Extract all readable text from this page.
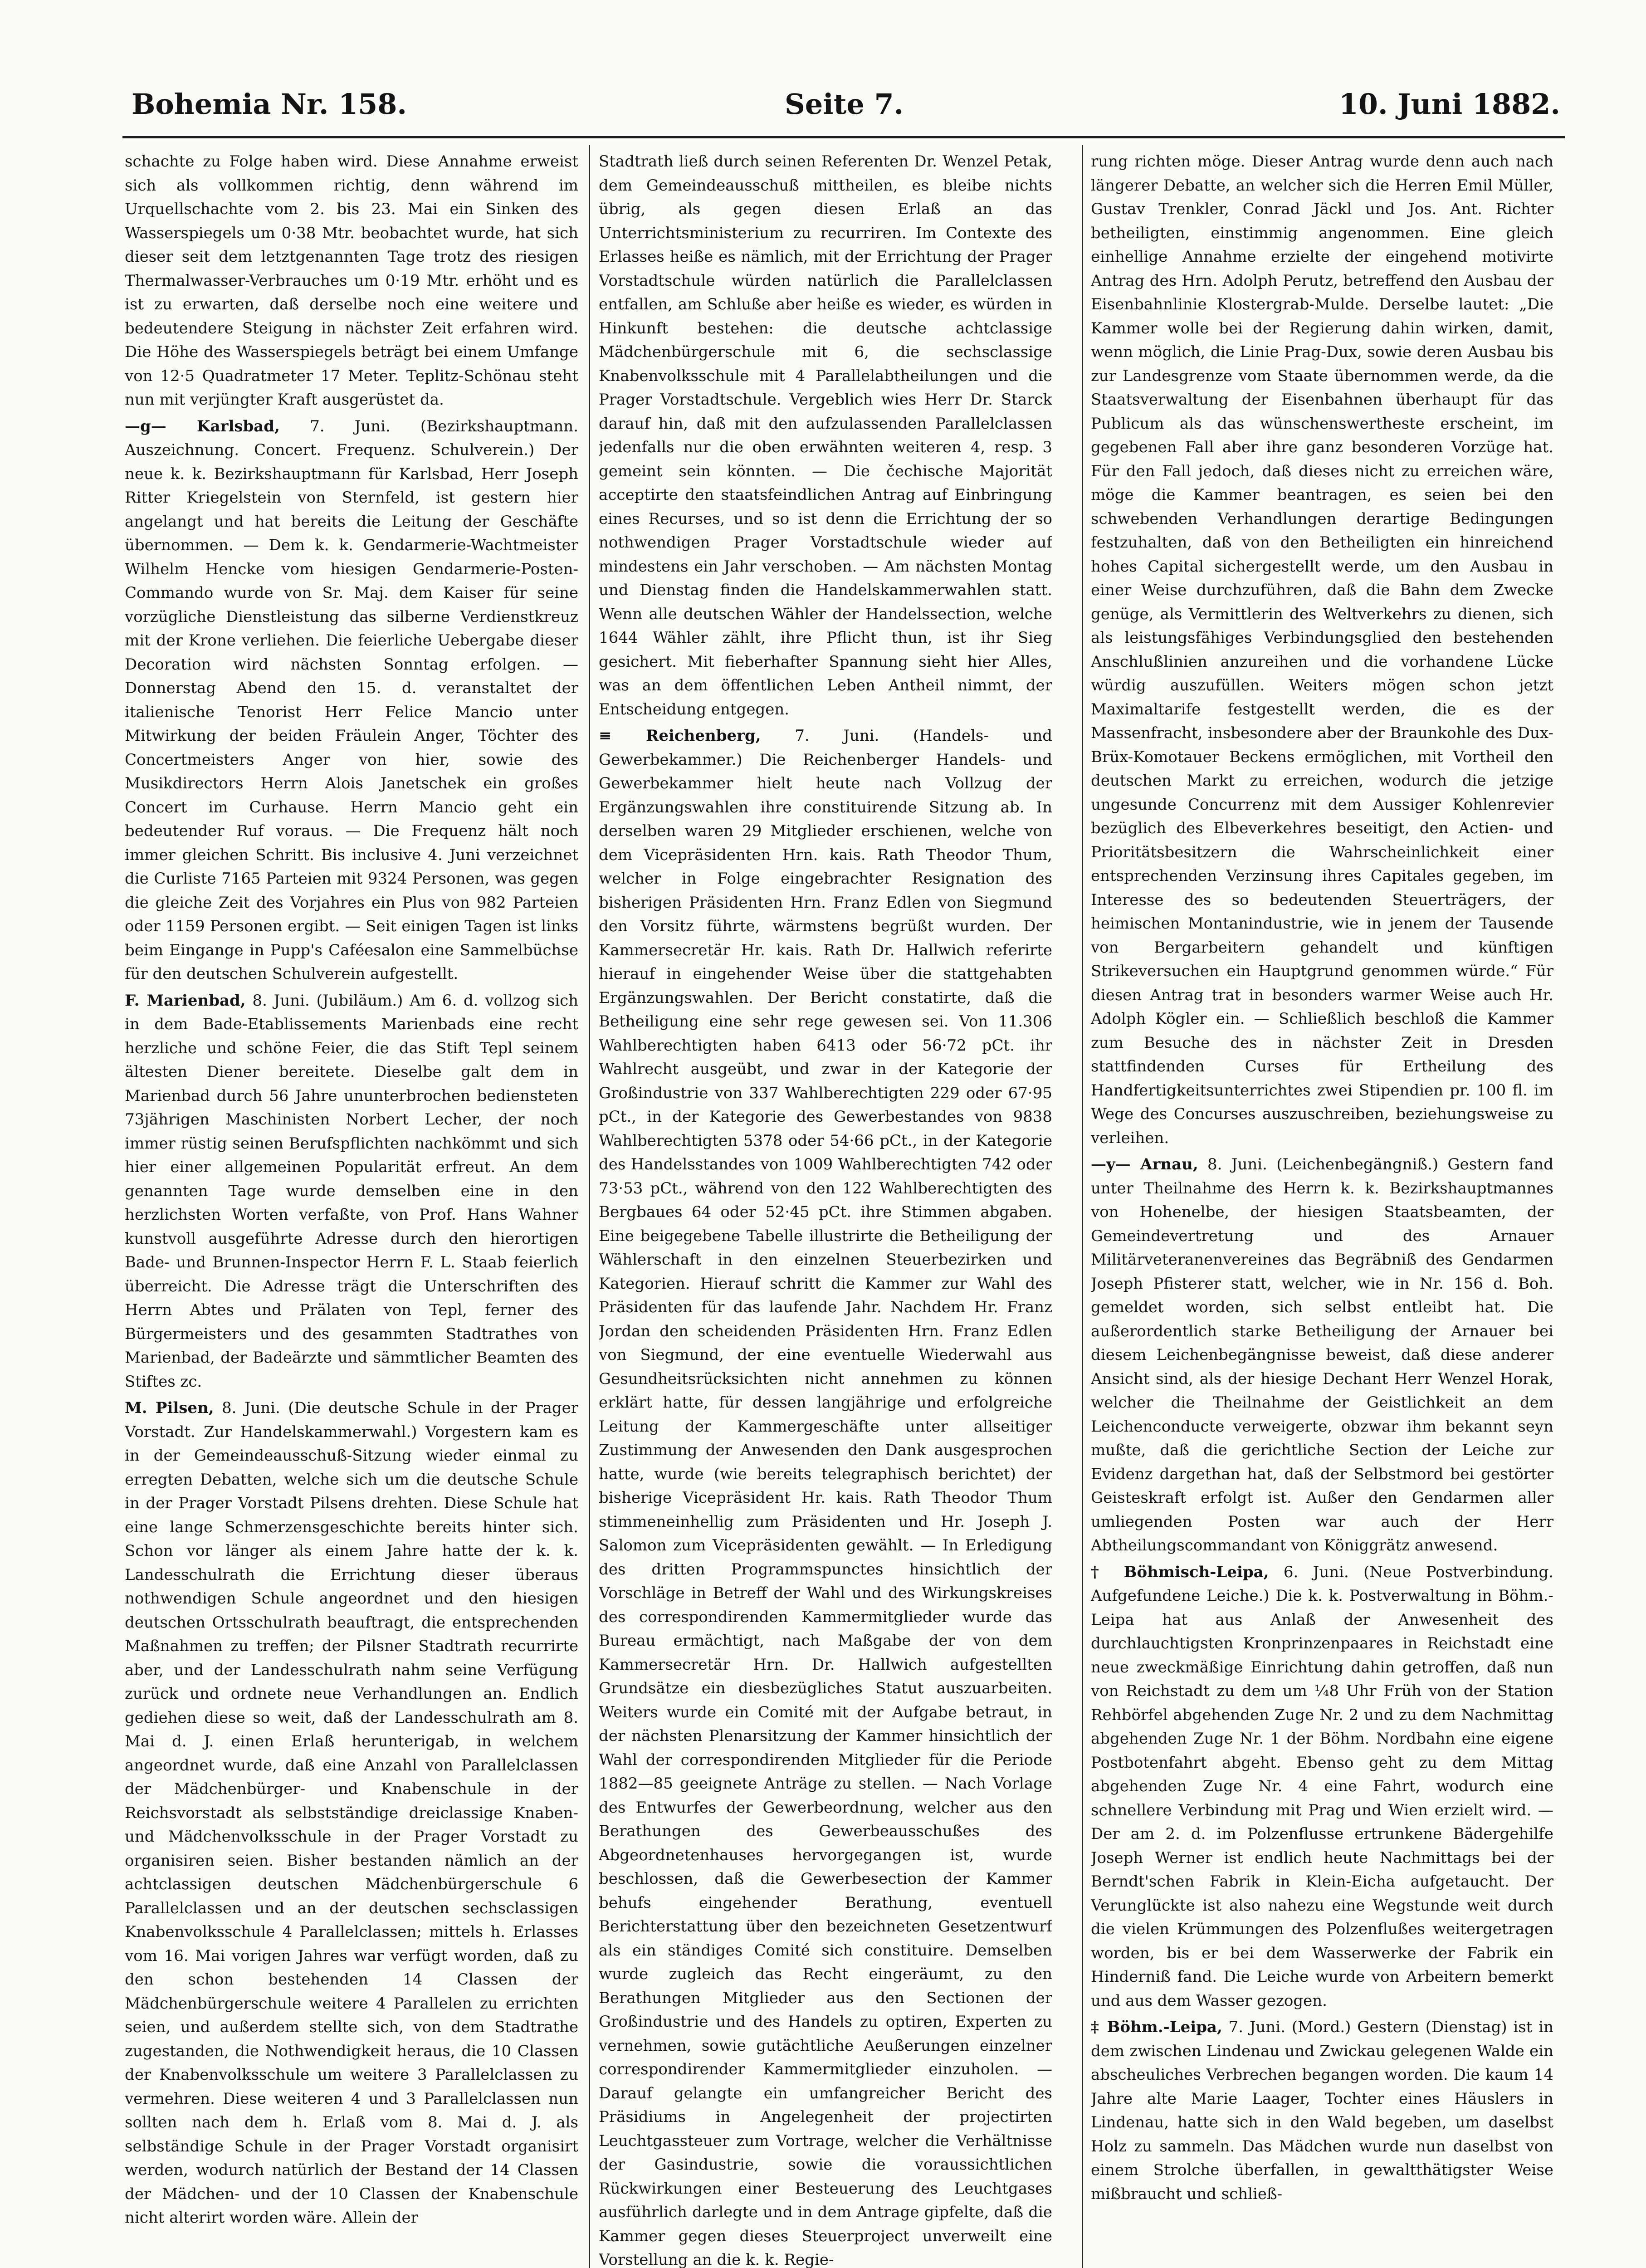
Bohemia Nr. 158.	Seite 7.	10. Juni 1882.

schachte zu Folge haben wird. Diese Annahme erweist sich als vollkommen richtig, denn während im Urquellschachte vom 2. bis 23. Mai ein Sinken des Wasserspiegels um 0·38 Mtr. beobachtet wurde, hat sich dieser seit dem letztgenannten Tage trotz des riesigen Thermalwasser-Verbrauches um 0·19 Mtr. erhöht und es ist zu erwarten, daß derselbe noch eine weitere und bedeutendere Steigung in nächster Zeit erfahren wird. Die Höhe des Wasserspiegels beträgt bei einem Umfange von 12·5 Quadratmeter 17 Meter. Teplitz-Schönau steht nun mit verjüngter Kraft ausgerüstet da.

—g— Karlsbad, 7. Juni. (Bezirkshauptmann. Auszeichnung. Concert. Frequenz. Schulverein.) Der neue k. k. Bezirkshauptmann für Karlsbad, Herr Joseph Ritter Kriegelstein von Sternfeld, ist gestern hier angelangt und hat bereits die Leitung der Geschäfte übernommen. — Dem k. k. Gendarmerie-Wachtmeister Wilhelm Hencke vom hiesigen Gendarmerie-Posten-Commando wurde von Sr. Maj. dem Kaiser für seine vorzügliche Dienstleistung das silberne Verdienstkreuz mit der Krone verliehen. Die feierliche Uebergabe dieser Decoration wird nächsten Sonntag erfolgen. — Donnerstag Abend den 15. d. veranstaltet der italienische Tenorist Herr Felice Mancio unter Mitwirkung der beiden Fräulein Anger, Töchter des Concertmeisters Anger von hier, sowie des Musikdirectors Herrn Alois Janetschek ein großes Concert im Curhause. Herrn Mancio geht ein bedeutender Ruf voraus. — Die Frequenz hält noch immer gleichen Schritt. Bis inclusive 4. Juni verzeichnet die Curliste 7165 Parteien mit 9324 Personen, was gegen die gleiche Zeit des Vorjahres ein Plus von 982 Parteien oder 1159 Personen ergibt. — Seit einigen Tagen ist links beim Eingange in Pupp's Caféesalon eine Sammelbüchse für den deutschen Schulverein aufgestellt.

F. Marienbad, 8. Juni. (Jubiläum.) Am 6. d. vollzog sich in dem Bade-Etablissements Marienbads eine recht herzliche und schöne Feier, die das Stift Tepl seinem ältesten Diener bereitete. Dieselbe galt dem in Marienbad durch 56 Jahre ununterbrochen bediensteten 73jährigen Maschinisten Norbert Lecher, der noch immer rüstig seinen Berufspflichten nachkömmt und sich hier einer allgemeinen Popularität erfreut. An dem genannten Tage wurde demselben eine in den herzlichsten Worten verfaßte, von Prof. Hans Wahner kunstvoll ausgeführte Adresse durch den hierortigen Bade- und Brunnen-Inspector Herrn F. L. Staab feierlich überreicht. Die Adresse trägt die Unterschriften des Herrn Abtes und Prälaten von Tepl, ferner des Bürgermeisters und des gesammten Stadtrathes von Marienbad, der Badeärzte und sämmtlicher Beamten des Stiftes zc.

M. Pilsen, 8. Juni. (Die deutsche Schule in der Prager Vorstadt. Zur Handelskammerwahl.) Vorgestern kam es in der Gemeindeausschuß-Sitzung wieder einmal zu erregten Debatten, welche sich um die deutsche Schule in der Prager Vorstadt Pilsens drehten. Diese Schule hat eine lange Schmerzensgeschichte bereits hinter sich. Schon vor länger als einem Jahre hatte der k. k. Landesschulrath die Errichtung dieser überaus nothwendigen Schule angeordnet und den hiesigen deutschen Ortsschulrath beauftragt, die entsprechenden Maßnahmen zu treffen; der Pilsner Stadtrath recurrirte aber, und der Landesschulrath nahm seine Verfügung zurück und ordnete neue Verhandlungen an. Endlich gediehen diese so weit, daß der Landesschulrath am 8. Mai d. J. einen Erlaß herunterigab, in welchem angeordnet wurde, daß eine Anzahl von Parallelclassen der Mädchenbürger- und Knabenschule in der Reichsvorstadt als selbstständige dreiclassige Knaben- und Mädchenvolksschule in der Prager Vorstadt zu organisiren seien. Bisher bestanden nämlich an der achtclassigen deutschen Mädchenbürgerschule 6 Parallelclassen und an der deutschen sechsclassigen Knabenvolksschule 4 Parallelclassen; mittels h. Erlasses vom 16. Mai vorigen Jahres war verfügt worden, daß zu den schon bestehenden 14 Classen der Mädchenbürgerschule weitere 4 Parallelen zu errichten seien, und außerdem stellte sich, von dem Stadtrathe zugestanden, die Nothwendigkeit heraus, die 10 Classen der Knabenvolksschule um weitere 3 Parallelclassen zu vermehren. Diese weiteren 4 und 3 Parallelclassen nun sollten nach dem h. Erlaß vom 8. Mai d. J. als selbständige Schule in der Prager Vorstadt organisirt werden, wodurch natürlich der Bestand der 14 Classen der Mädchen- und der 10 Classen der Knabenschule nicht alterirt worden wäre. Allein der

Stadtrath ließ durch seinen Referenten Dr. Wenzel Petak, dem Gemeindeausschuß mittheilen, es bleibe nichts übrig, als gegen diesen Erlaß an das Unterrichtsministerium zu recurriren. Im Contexte des Erlasses heiße es nämlich, mit der Errichtung der Prager Vorstadtschule würden natürlich die Parallelclassen entfallen, am Schluße aber heiße es wieder, es würden in Hinkunft bestehen: die deutsche achtclassige Mädchenbürgerschule mit 6, die sechsclassige Knabenvolksschule mit 4 Parallelabtheilungen und die Prager Vorstadtschule. Vergeblich wies Herr Dr. Starck darauf hin, daß mit den aufzulassenden Parallelclassen jedenfalls nur die oben erwähnten weiteren 4, resp. 3 gemeint sein könnten. — Die čechische Majorität acceptirte den staatsfeindlichen Antrag auf Einbringung eines Recurses, und so ist denn die Errichtung der so nothwendigen Prager Vorstadtschule wieder auf mindestens ein Jahr verschoben. — Am nächsten Montag und Dienstag finden die Handelskammerwahlen statt. Wenn alle deutschen Wähler der Handelssection, welche 1644 Wähler zählt, ihre Pflicht thun, ist ihr Sieg gesichert. Mit fieberhafter Spannung sieht hier Alles, was an dem öffentlichen Leben Antheil nimmt, der Entscheidung entgegen.

≡ Reichenberg, 7. Juni. (Handels- und Gewerbekammer.) Die Reichenberger Handels- und Gewerbekammer hielt heute nach Vollzug der Ergänzungswahlen ihre constituirende Sitzung ab. In derselben waren 29 Mitglieder erschienen, welche von dem Vicepräsidenten Hrn. kais. Rath Theodor Thum, welcher in Folge eingebrachter Resignation des bisherigen Präsidenten Hrn. Franz Edlen von Siegmund den Vorsitz führte, wärmstens begrüßt wurden. Der Kammersecretär Hr. kais. Rath Dr. Hallwich referirte hierauf in eingehender Weise über die stattgehabten Ergänzungswahlen. Der Bericht constatirte, daß die Betheiligung eine sehr rege gewesen sei. Von 11.306 Wahlberechtigten haben 6413 oder 56·72 pCt. ihr Wahlrecht ausgeübt, und zwar in der Kategorie der Großindustrie von 337 Wahlberechtigten 229 oder 67·95 pCt., in der Kategorie des Gewerbestandes von 9838 Wahlberechtigten 5378 oder 54·66 pCt., in der Kategorie des Handelsstandes von 1009 Wahlberechtigten 742 oder 73·53 pCt., während von den 122 Wahlberechtigten des Bergbaues 64 oder 52·45 pCt. ihre Stimmen abgaben. Eine beigegebene Tabelle illustrirte die Betheiligung der Wählerschaft in den einzelnen Steuerbezirken und Kategorien. Hierauf schritt die Kammer zur Wahl des Präsidenten für das laufende Jahr. Nachdem Hr. Franz Jordan den scheidenden Präsidenten Hrn. Franz Edlen von Siegmund, der eine eventuelle Wiederwahl aus Gesundheitsrücksichten nicht annehmen zu können erklärt hatte, für dessen langjährige und erfolgreiche Leitung der Kammergeschäfte unter allseitiger Zustimmung der Anwesenden den Dank ausgesprochen hatte, wurde (wie bereits telegraphisch berichtet) der bisherige Vicepräsident Hr. kais. Rath Theodor Thum stimmeneinhellig zum Präsidenten und Hr. Joseph J. Salomon zum Vicepräsidenten gewählt. — In Erledigung des dritten Programmspunctes hinsichtlich der Vorschläge in Betreff der Wahl und des Wirkungskreises des correspondirenden Kammermitglieder wurde das Bureau ermächtigt, nach Maßgabe der von dem Kammersecretär Hrn. Dr. Hallwich aufgestellten Grundsätze ein diesbezügliches Statut auszuarbeiten. Weiters wurde ein Comité mit der Aufgabe betraut, in der nächsten Plenarsitzung der Kammer hinsichtlich der Wahl der correspondirenden Mitglieder für die Periode 1882—85 geeignete Anträge zu stellen. — Nach Vorlage des Entwurfes der Gewerbeordnung, welcher aus den Berathungen des Gewerbeausschußes des Abgeordnetenhauses hervorgegangen ist, wurde beschlossen, daß die Gewerbesection der Kammer behufs eingehender Berathung, eventuell Berichterstattung über den bezeichneten Gesetzentwurf als ein ständiges Comité sich constituire. Demselben wurde zugleich das Recht eingeräumt, zu den Berathungen Mitglieder aus den Sectionen der Großindustrie und des Handels zu optiren, Experten zu vernehmen, sowie gutächtliche Aeußerungen einzelner correspondirender Kammermitglieder einzuholen. — Darauf gelangte ein umfangreicher Bericht des Präsidiums in Angelegenheit der projectirten Leuchtgassteuer zum Vortrage, welcher die Verhältnisse der Gasindustrie, sowie die voraussichtlichen Rückwirkungen einer Besteuerung des Leuchtgases ausführlich darlegte und in dem Antrage gipfelte, daß die Kammer gegen dieses Steuerproject unverweilt eine Vorstellung an die k. k. Regie-

rung richten möge. Dieser Antrag wurde denn auch nach längerer Debatte, an welcher sich die Herren Emil Müller, Gustav Trenkler, Conrad Jäckl und Jos. Ant. Richter betheiligten, einstimmig angenommen. Eine gleich einhellige Annahme erzielte der eingehend motivirte Antrag des Hrn. Adolph Perutz, betreffend den Ausbau der Eisenbahnlinie Klostergrab-Mulde. Derselbe lautet: „Die Kammer wolle bei der Regierung dahin wirken, damit, wenn möglich, die Linie Prag-Dux, sowie deren Ausbau bis zur Landesgrenze vom Staate übernommen werde, da die Staatsverwaltung der Eisenbahnen überhaupt für das Publicum als das wünschenswertheste erscheint, im gegebenen Fall aber ihre ganz besonderen Vorzüge hat. Für den Fall jedoch, daß dieses nicht zu erreichen wäre, möge die Kammer beantragen, es seien bei den schwebenden Verhandlungen derartige Bedingungen festzuhalten, daß von den Betheiligten ein hinreichend hohes Capital sichergestellt werde, um den Ausbau in einer Weise durchzuführen, daß die Bahn dem Zwecke genüge, als Vermittlerin des Weltverkehrs zu dienen, sich als leistungsfähiges Verbindungsglied den bestehenden Anschlußlinien anzureihen und die vorhandene Lücke würdig auszufüllen. Weiters mögen schon jetzt Maximaltarife festgestellt werden, die es der Massenfracht, insbesondere aber der Braunkohle des Dux-Brüx-Komotauer Beckens ermöglichen, mit Vortheil den deutschen Markt zu erreichen, wodurch die jetzige ungesunde Concurrenz mit dem Aussiger Kohlenrevier bezüglich des Elbeverkehres beseitigt, den Actien- und Prioritätsbesitzern die Wahrscheinlichkeit einer entsprechenden Verzinsung ihres Capitales gegeben, im Interesse des so bedeutenden Steuerträgers, der heimischen Montanindustrie, wie in jenem der Tausende von Bergarbeitern gehandelt und künftigen Strikeversuchen ein Hauptgrund genommen würde.“ Für diesen Antrag trat in besonders warmer Weise auch Hr. Adolph Kögler ein. — Schließlich beschloß die Kammer zum Besuche des in nächster Zeit in Dresden stattfindenden Curses für Ertheilung des Handfertigkeitsunterrichtes zwei Stipendien pr. 100 fl. im Wege des Concurses auszuschreiben, beziehungsweise zu verleihen.

—y— Arnau, 8. Juni. (Leichenbegängniß.) Gestern fand unter Theilnahme des Herrn k. k. Bezirkshauptmannes von Hohenelbe, der hiesigen Staatsbeamten, der Gemeindevertretung und des Arnauer Militärveteranenvereines das Begräbniß des Gendarmen Joseph Pfisterer statt, welcher, wie in Nr. 156 d. Boh. gemeldet worden, sich selbst entleibt hat. Die außerordentlich starke Betheiligung der Arnauer bei diesem Leichenbegängnisse beweist, daß diese anderer Ansicht sind, als der hiesige Dechant Herr Wenzel Horak, welcher die Theilnahme der Geistlichkeit an dem Leichenconducte verweigerte, obzwar ihm bekannt seyn mußte, daß die gerichtliche Section der Leiche zur Evidenz dargethan hat, daß der Selbstmord bei gestörter Geisteskraft erfolgt ist. Außer den Gendarmen aller umliegenden Posten war auch der Herr Abtheilungscommandant von Königgrätz anwesend.

† Böhmisch-Leipa, 6. Juni. (Neue Postverbindung. Aufgefundene Leiche.) Die k. k. Postverwaltung in Böhm.-Leipa hat aus Anlaß der Anwesenheit des durchlauchtigsten Kronprinzenpaares in Reichstadt eine neue zweckmäßige Einrichtung dahin getroffen, daß nun von Reichstadt zu dem um ¼8 Uhr Früh von der Station Rehbörfel abgehenden Zuge Nr. 2 und zu dem Nachmittag abgehenden Zuge Nr. 1 der Böhm. Nordbahn eine eigene Postbotenfahrt abgeht. Ebenso geht zu dem Mittag abgehenden Zuge Nr. 4 eine Fahrt, wodurch eine schnellere Verbindung mit Prag und Wien erzielt wird. — Der am 2. d. im Polzenflusse ertrunkene Bädergehilfe Joseph Werner ist endlich heute Nachmittags bei der Berndt'schen Fabrik in Klein-Eicha aufgetaucht. Der Verunglückte ist also nahezu eine Wegstunde weit durch die vielen Krümmungen des Polzenflußes weitergetragen worden, bis er bei dem Wasserwerke der Fabrik ein Hinderniß fand. Die Leiche wurde von Arbeitern bemerkt und aus dem Wasser gezogen.

‡ Böhm.-Leipa, 7. Juni. (Mord.) Gestern (Dienstag) ist in dem zwischen Lindenau und Zwickau gelegenen Walde ein abscheuliches Verbrechen begangen worden. Die kaum 14 Jahre alte Marie Laager, Tochter eines Häuslers in Lindenau, hatte sich in den Wald begeben, um daselbst Holz zu sammeln. Das Mädchen wurde nun daselbst von einem Strolche überfallen, in gewaltthätigster Weise mißbraucht und schließ-
